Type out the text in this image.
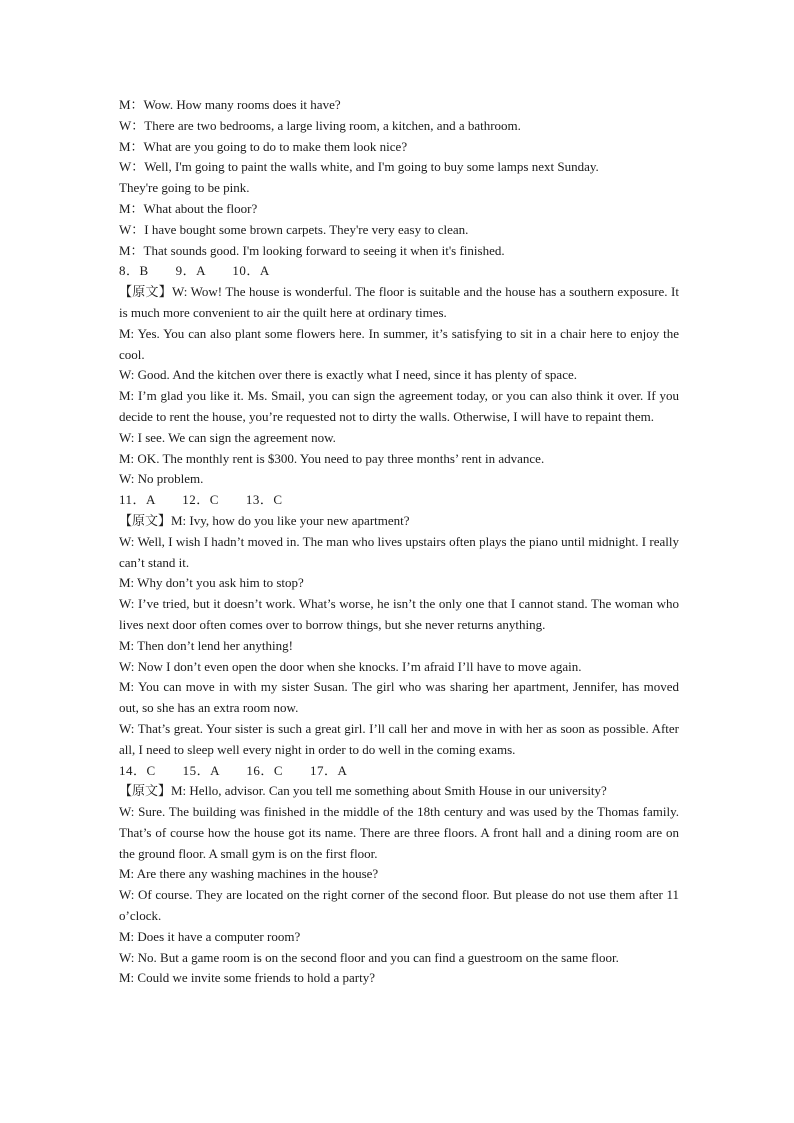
M：Wow. How many rooms does it have?
W：There are two bedrooms, a large living room, a kitchen, and a bathroom.
M：What are you going to do to make them look nice?
W：Well, I'm going to paint the walls white, and I'm going to buy some lamps next Sunday.
They're going to be pink.
M：What about the floor?
W：I have bought some brown carpets. They're very easy to clean.
M：That sounds good. I'm looking forward to seeing it when it's finished.
8．B　　9．A　　10．A
【原文】W: Wow! The house is wonderful. The floor is suitable and the house has a southern exposure. It is much more convenient to air the quilt here at ordinary times.
M: Yes. You can also plant some flowers here. In summer, it’s satisfying to sit in a chair here to enjoy the cool.
W: Good. And the kitchen over there is exactly what I need, since it has plenty of space.
M: I’m glad you like it. Ms. Smail, you can sign the agreement today, or you can also think it over. If you decide to rent the house, you’re requested not to dirty the walls. Otherwise, I will have to repaint them.
W: I see. We can sign the agreement now.
M: OK. The monthly rent is $300. You need to pay three months’ rent in advance.
W: No problem.
11．A　　12．C　　13．C
【原文】M: Ivy, how do you like your new apartment?
W: Well, I wish I hadn’t moved in. The man who lives upstairs often plays the piano until midnight. I really can’t stand it.
M: Why don’t you ask him to stop?
W: I’ve tried, but it doesn’t work. What’s worse, he isn’t the only one that I cannot stand. The woman who lives next door often comes over to borrow things, but she never returns anything.
M: Then don’t lend her anything!
W: Now I don’t even open the door when she knocks. I’m afraid I’ll have to move again.
M: You can move in with my sister Susan. The girl who was sharing her apartment, Jennifer, has moved out, so she has an extra room now.
W: That’s great. Your sister is such a great girl. I’ll call her and move in with her as soon as possible. After all, I need to sleep well every night in order to do well in the coming exams.
14．C　　15．A　　16．C　　17．A
【原文】M: Hello, advisor. Can you tell me something about Smith House in our university?
W: Sure. The building was finished in the middle of the 18th century and was used by the Thomas family. That’s of course how the house got its name. There are three floors. A front hall and a dining room are on the ground floor. A small gym is on the first floor.
M: Are there any washing machines in the house?
W: Of course. They are located on the right corner of the second floor. But please do not use them after 11 o’clock.
M: Does it have a computer room?
W: No. But a game room is on the second floor and you can find a guestroom on the same floor.
M: Could we invite some friends to hold a party?
